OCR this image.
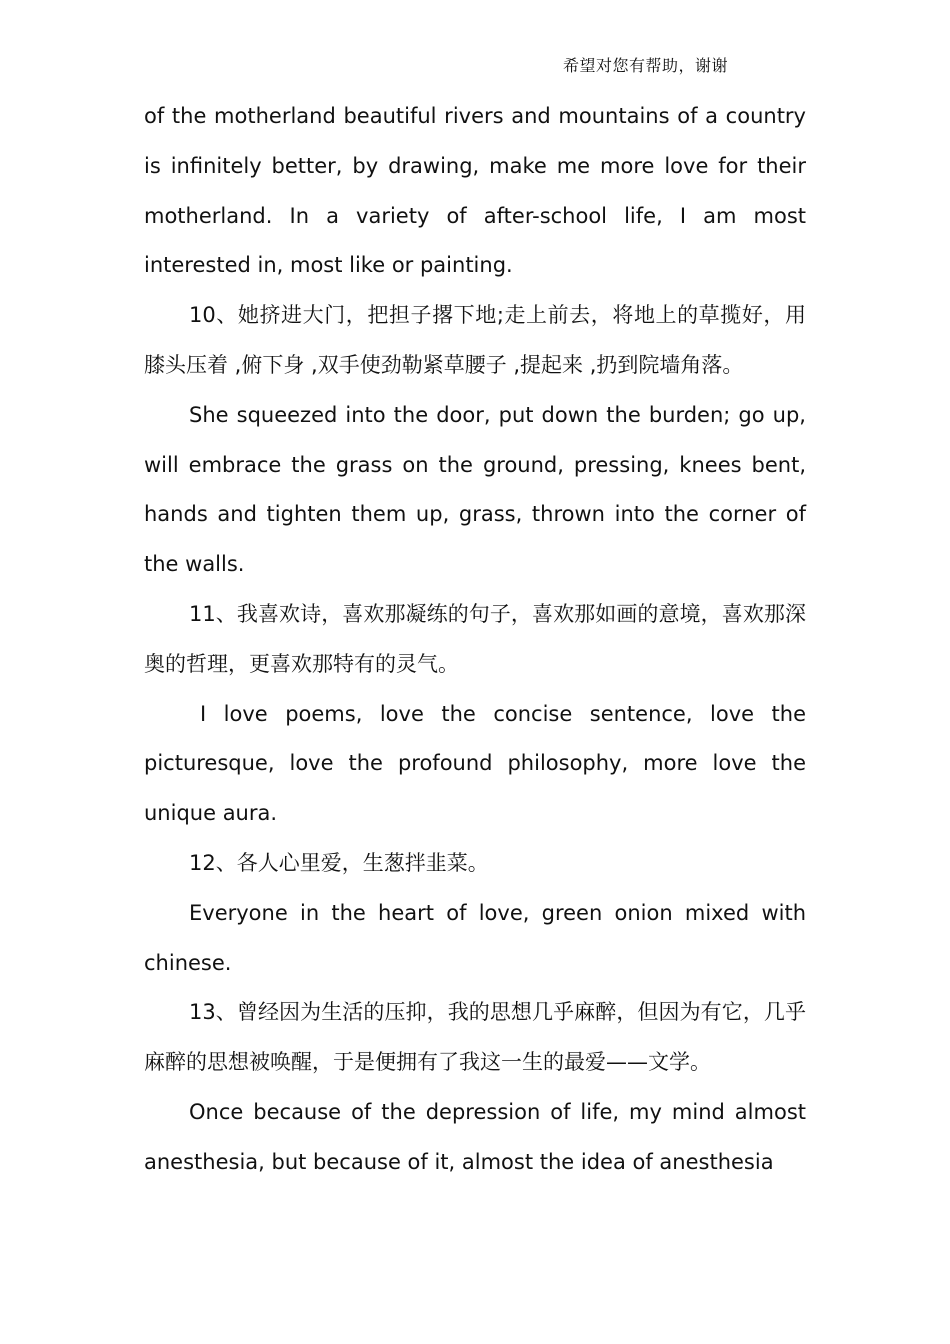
希望对您有帮助，谢谢

of the motherland beautiful rivers and mountains of a country is infinitely better, by drawing, make me more love for their motherland. In a variety of after-school life, I am most interested in, most like or painting.

10、她挤进大门，把担子撂下地;走上前去，将地上的草揽好，用膝头压着 ,俯下身 ,双手使劲勒紧草腰子 ,提起来 ,扔到院墙角落。

She squeezed into the door, put down the burden; go up, will embrace the grass on the ground, pressing, knees bent, hands and tighten them up, grass, thrown into the corner of the walls.

11、我喜欢诗，喜欢那凝练的句子，喜欢那如画的意境，喜欢那深奥的哲理，更喜欢那特有的灵气。

I love poems, love the concise sentence, love the picturesque, love the profound philosophy, more love the unique aura.

12、各人心里爱，生葱拌韭菜。

Everyone in the heart of love, green onion mixed with chinese.

13、曾经因为生活的压抑，我的思想几乎麻醉，但因为有它，几乎麻醉的思想被唤醒，于是便拥有了我这一生的最爱——文学。

Once because of the depression of life, my mind almost anesthesia, but because of it, almost the idea of anesthesia
